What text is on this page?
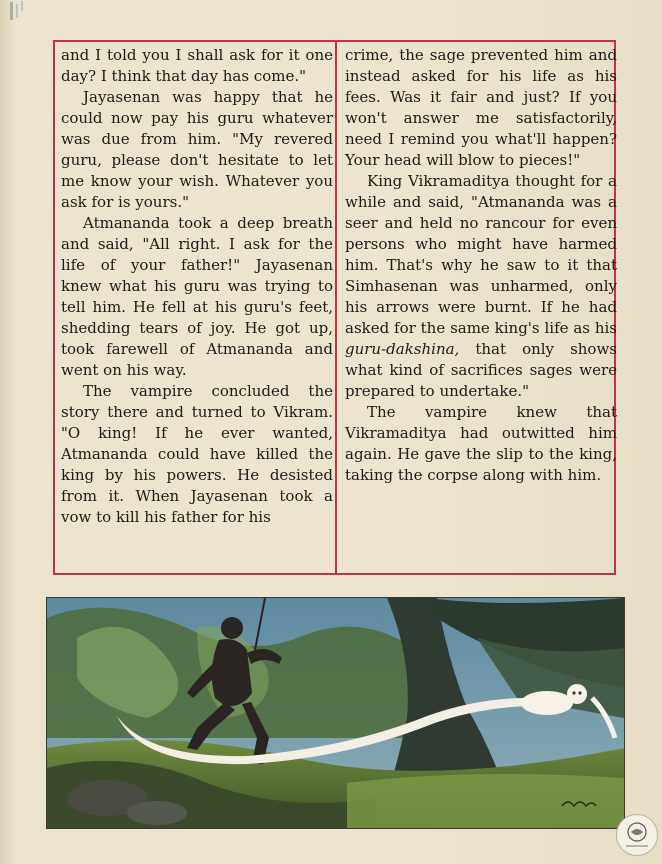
and I told you I shall ask for it one day? I think that day has come."

Jayasenan was happy that he could now pay his guru whatever was due from him. "My revered guru, please don't hesitate to let me know your wish. Whatever you ask for is yours."

Atmananda took a deep breath and said, "All right. I ask for the life of your father!" Jayasenan knew what his guru was trying to tell him. He fell at his guru's feet, shedding tears of joy. He got up, took farewell of Atmananda and went on his way.

The vampire concluded the story there and turned to Vikram. "O king! If he ever wanted, Atmananda could have killed the king by his powers. He desisted from it. When Jayasenan took a vow to kill his father for his

crime, the sage prevented him and instead asked for his life as his fees. Was it fair and just? If you won't answer me satisfactorily, need I remind you what'll happen? Your head will blow to pieces!"

King Vikramaditya thought for a while and said, "Atmananda was a seer and held no rancour for even persons who might have harmed him. That's why he saw to it that Simhasenan was unharmed, only his arrows were burnt. If he had asked for the same king's life as his guru-dakshina, that only shows what kind of sacrifices sages were prepared to undertake."

The vampire knew that Vikramaditya had outwitted him again. He gave the slip to the king, taking the corpse along with him.
